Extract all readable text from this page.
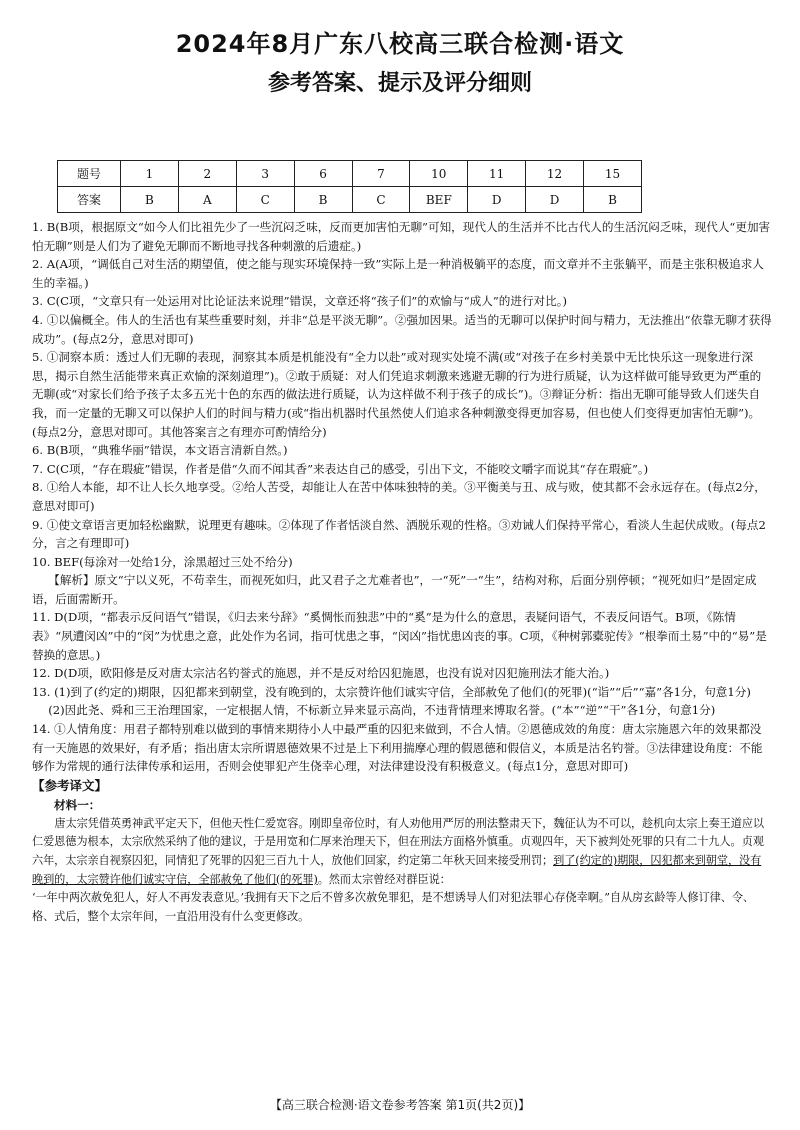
2024年8月广东八校高三联合检测·语文
参考答案、提示及评分细则
题号	1	2	3	6	7	10	11	12	15
答案	B	A	C	B	C	BEF	D	D	B

1. B(B项，根据原文“如今人们比祖先少了一些沉闷乏味，反而更加害怕无聊”可知，现代人的生活并不比古代人的生活沉闷乏味，现代人“更加害怕无聊”则是人们为了避免无聊而不断地寻找各种刺激的后遗症。)

2. A(A项，“调低自己对生活的期望值，使之能与现实环境保持一致”实际上是一种消极躺平的态度，而文章并不主张躺平，而是主张积极追求人生的幸福。)

3. C(C项，“文章只有一处运用对比论证法来说理”错误，文章还将“孩子们”的欢愉与“成人”的进行对比。)

4. ①以偏概全。伟人的生活也有某些重要时刻，并非“总是平淡无聊”。②强加因果。适当的无聊可以保护时间与精力，无法推出“依靠无聊才获得成功”。(每点2分，意思对即可)

5. ①洞察本质：透过人们无聊的表现，洞察其本质是机能没有“全力以赴”或对现实处境不满(或“对孩子在乡村美景中无比快乐这一现象进行深思，揭示自然生活能带来真正欢愉的深刻道理”)。②敢于质疑：对人们凭追求刺激来逃避无聊的行为进行质疑，认为这样做可能导致更为严重的无聊(或“对家长们给予孩子太多五光十色的东西的做法进行质疑，认为这样做不利于孩子的成长”)。③辩证分析：指出无聊可能导致人们迷失自我，而一定量的无聊又可以保护人们的时间与精力(或“指出机器时代虽然使人们追求各种刺激变得更加容易，但也使人们变得更加害怕无聊”)。(每点2分，意思对即可。其他答案言之有理亦可酌情给分)

6. B(B项，“典雅华丽”错误，本文语言清新自然。)

7. C(C项，“存在瑕疵”错误，作者是借“久而不闻其香”来表达自己的感受，引出下文，不能咬文嚼字而说其“存在瑕疵”。)

8. ①给人本能，却不让人长久地享受。②给人苦受，却能让人在苦中体味独特的美。③平衡美与丑、成与败，使其都不会永远存在。(每点2分，意思对即可)

9. ①使文章语言更加轻松幽默，说理更有趣味。②体现了作者恬淡自然、洒脱乐观的性格。③劝诫人们保持平常心，看淡人生起伏成败。(每点2分，言之有理即可)

10. BEF(每涂对一处给1分，涂黑超过三处不给分)

【解析】原文“宁以义死，不苟幸生，而视死如归，此又君子之尤难者也”，一“死”一“生”，结构对称，后面分别停顿；“视死如归”是固定成语，后面需断开。

11. D(D项，“都表示反问语气”错误，《归去来兮辞》“奚惆怅而独悲”中的“奚”是为什么的意思，表疑问语气，不表反问语气。B项，《陈情表》“夙遭闵凶”中的“闵”为忧患之意，此处作为名词，指可忧患之事，“闵凶”指忧患凶丧的事。C项，《种树郭橐驼传》“根拳而土易”中的“易”是替换的意思。)

12. D(D项，欧阳修是反对唐太宗沽名钓誉式的施恩，并不是反对给囚犯施恩，也没有说对囚犯施刑法才能大治。)

13. (1)到了(约定的)期限，囚犯都来到朝堂，没有晚到的，太宗赞许他们诚实守信，全部赦免了他们(的死罪)(“诣”“后”“嘉”各1分，句意1分)

(2)因此尧、舜和三王治理国家，一定根据人情，不标新立异来显示高尚，不违背情理来博取名誉。(“本”“逆”“干”各1分，句意1分)

14. ①人情角度：用君子都特别难以做到的事情来期待小人中最严重的囚犯来做到，不合人情。②恩德成效的角度：唐太宗施恩六年的效果都没有一天施恩的效果好，有矛盾；指出唐太宗所谓恩德效果不过是上下利用揣摩心理的假恩德和假信义，本质是沽名钓誉。③法律建设角度：不能够作为常规的通行法律传承和运用，否则会使罪犯产生侥幸心理，对法律建设没有积极意义。(每点1分，意思对即可)

【参考译文】
材料一：

唐太宗凭借英勇神武平定天下，但他天性仁爱宽容。刚即皇帝位时，有人劝他用严厉的刑法整肃天下，魏征认为不可以，趁机向太宗上奏王道应以仁爱恩德为根本，太宗欣然采纳了他的建议，于是用宽和仁厚来治理天下，但在刑法方面格外慎重。贞观四年，天下被判处死罪的只有二十九人。贞观六年，太宗亲自视察囚犯，同情犯了死罪的囚犯三百九十人，放他们回家，约定第二年秋天回来接受刑罚；到了(约定的)期限，囚犯都来到朝堂，没有晚到的，太宗赞许他们诚实守信，全部赦免了他们(的死罪)。然而太宗曾经对群臣说：

‘一年中两次赦免犯人，好人不再发表意见。’我拥有天下之后不曾多次赦免罪犯，是不想诱导人们对犯法罪心存侥幸啊。”自从房玄龄等人修订律、令、格、式后，整个太宗年间，一直沿用没有什么变更修改。

【高三联合检测·语文卷参考答案 第1页(共2页)】
